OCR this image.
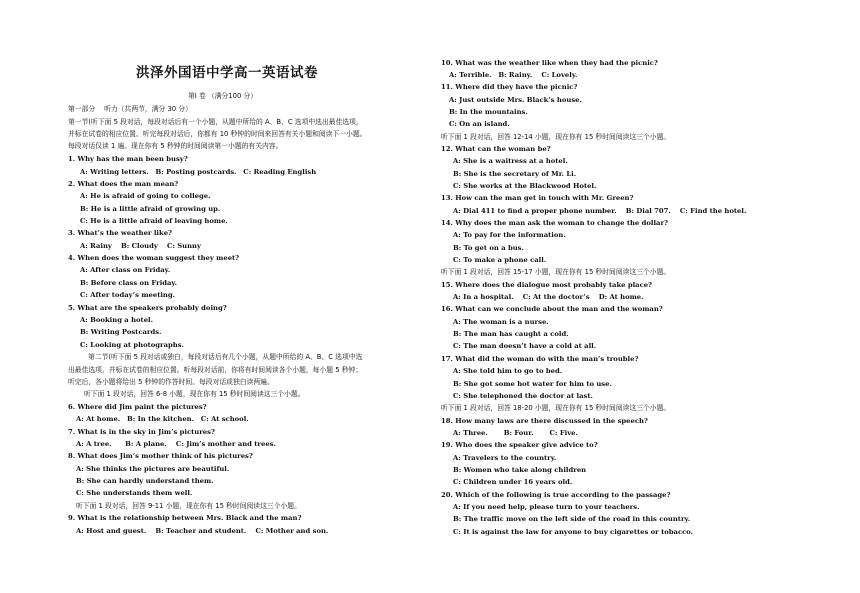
洪泽外国语中学高一英语试卷
第I 卷 （满分100 分）
第一部分　 听力（共两节，满分 30 分）
第一节(听下面 5 段对话，每段对话后有一个小题，从题中所给的 A、B、C 选项中选出最佳选项，
并标在试卷的相应位置。听完每段对话后，你都有 10 秒钟的时间来回答有关小题和阅读下一小题。
每段对话仅读 1 遍。现在你有 5 秒钟的时间阅读第一小题的有关内容。
1. Why has the man been busy?
A: Writing letters.　B: Posting postcards.　C: Reading English
2. What does the man mean?
A: He is afraid of going to college.
B: He is a little afraid of growing up.
C: He is a little afraid of leaving home.
3. What’s the weather like?
A: Rainy　 B: Cloudy　 C: Sunny
4. When does the woman suggest they meet?
A: After class on Friday.
B: Before class on Friday.
C: After today’s meeting.
5. What are the speakers probably doing?
A: Booking a hotel.
B: Writing Postcards.
C: Looking at photographs.
第二节(听下面 5 段对话或独白，每段对话后有几个小题，从题中所给的 A、B、C 选项中选
出最佳选项，并标在试卷的相应位置。听每段对话前，你将有时间阅读各个小题，每小题 5 秒钟；
听完后，各小题将给出 5 秒钟的作答时间。每段对话或独白读两遍。
听下面 1 段对话，回答 6-8 小题，现在你有 15 秒时间阅读这三个小题。
6. Where did Jim paint the pictures?
A: At home.　B: In the kitchen.　C: At school.
7. What is in the sky in Jim’s pictures?
A: A tree.　　B: A plane.　 C: Jim’s mother and trees.
8. What does Jim’s mother think of his pictures?
A: She thinks the pictures are beautiful.
B: She can hardly understand them.
C: She understands them well.
听下面 1 段对话，回答 9-11 小题，现在你有 15 秒时间阅读这三个小题。
9. What is the relationship between Mrs. Black and the man?
A: Host and guest.　 B: Teacher and student.　 C: Mother and son.
10. What was the weather like when they had the picnic?
A: Terrible.　B: Rainy.　 C: Lovely.
11. Where did they have the picnic?
A: Just outside Mrs. Black’s house.
B: In the mountains.
C: On an island.
听下面 1 段对话，回答 12-14 小题，现在你有 15 秒时间阅读这三个小题。
12. What can the woman be?
A: She is a waitress at a hotel.
B: She is the secretary of Mr. Li.
C: She works at the Blackwood Hotel.
13. How can the man get in touch with Mr. Green?
A: Dial 411 to find a proper phone number.　 B: Dial 707.　 C: Find the hotel.
14. Why does the man ask the woman to change the dollar?
A: To pay for the information.
B: To get on a bus.
C: To make a phone call.
听下面 1 段对话，回答 15-17 小题，现在你有 15 秒时间阅读这三个小题。
15. Where does the dialogue most probably take place?
A: In a hospital.　 C: At the doctor’s　 D: At home.
16. What can we conclude about the man and the woman?
A: The woman is a nurse.
B: The man has caught a cold.
C: The man doesn’t have a cold at all.
17. What did the woman do with the man’s trouble?
A: She told him to go to bed.
B: She got some hot water for him to use.
C: She telephoned the doctor at last.
听下面 1 段对话，回答 18-20 小题，现在你有 15 秒时间阅读这三个小题。
18. How many laws are there discussed in the speech?
A: Three.　　 B: Four.　　 C: Five.
19. Who does the speaker give advice to?
A: Travelers to the country.
B: Women who take along children
C: Children under 16 years old.
20. Which of the following is true according to the passage?
A: If you need help, please turn to your teachers.
B: The traffic move on the left side of the road in this country.
C: It is against the law for anyone to buy cigarettes or tobacco.
